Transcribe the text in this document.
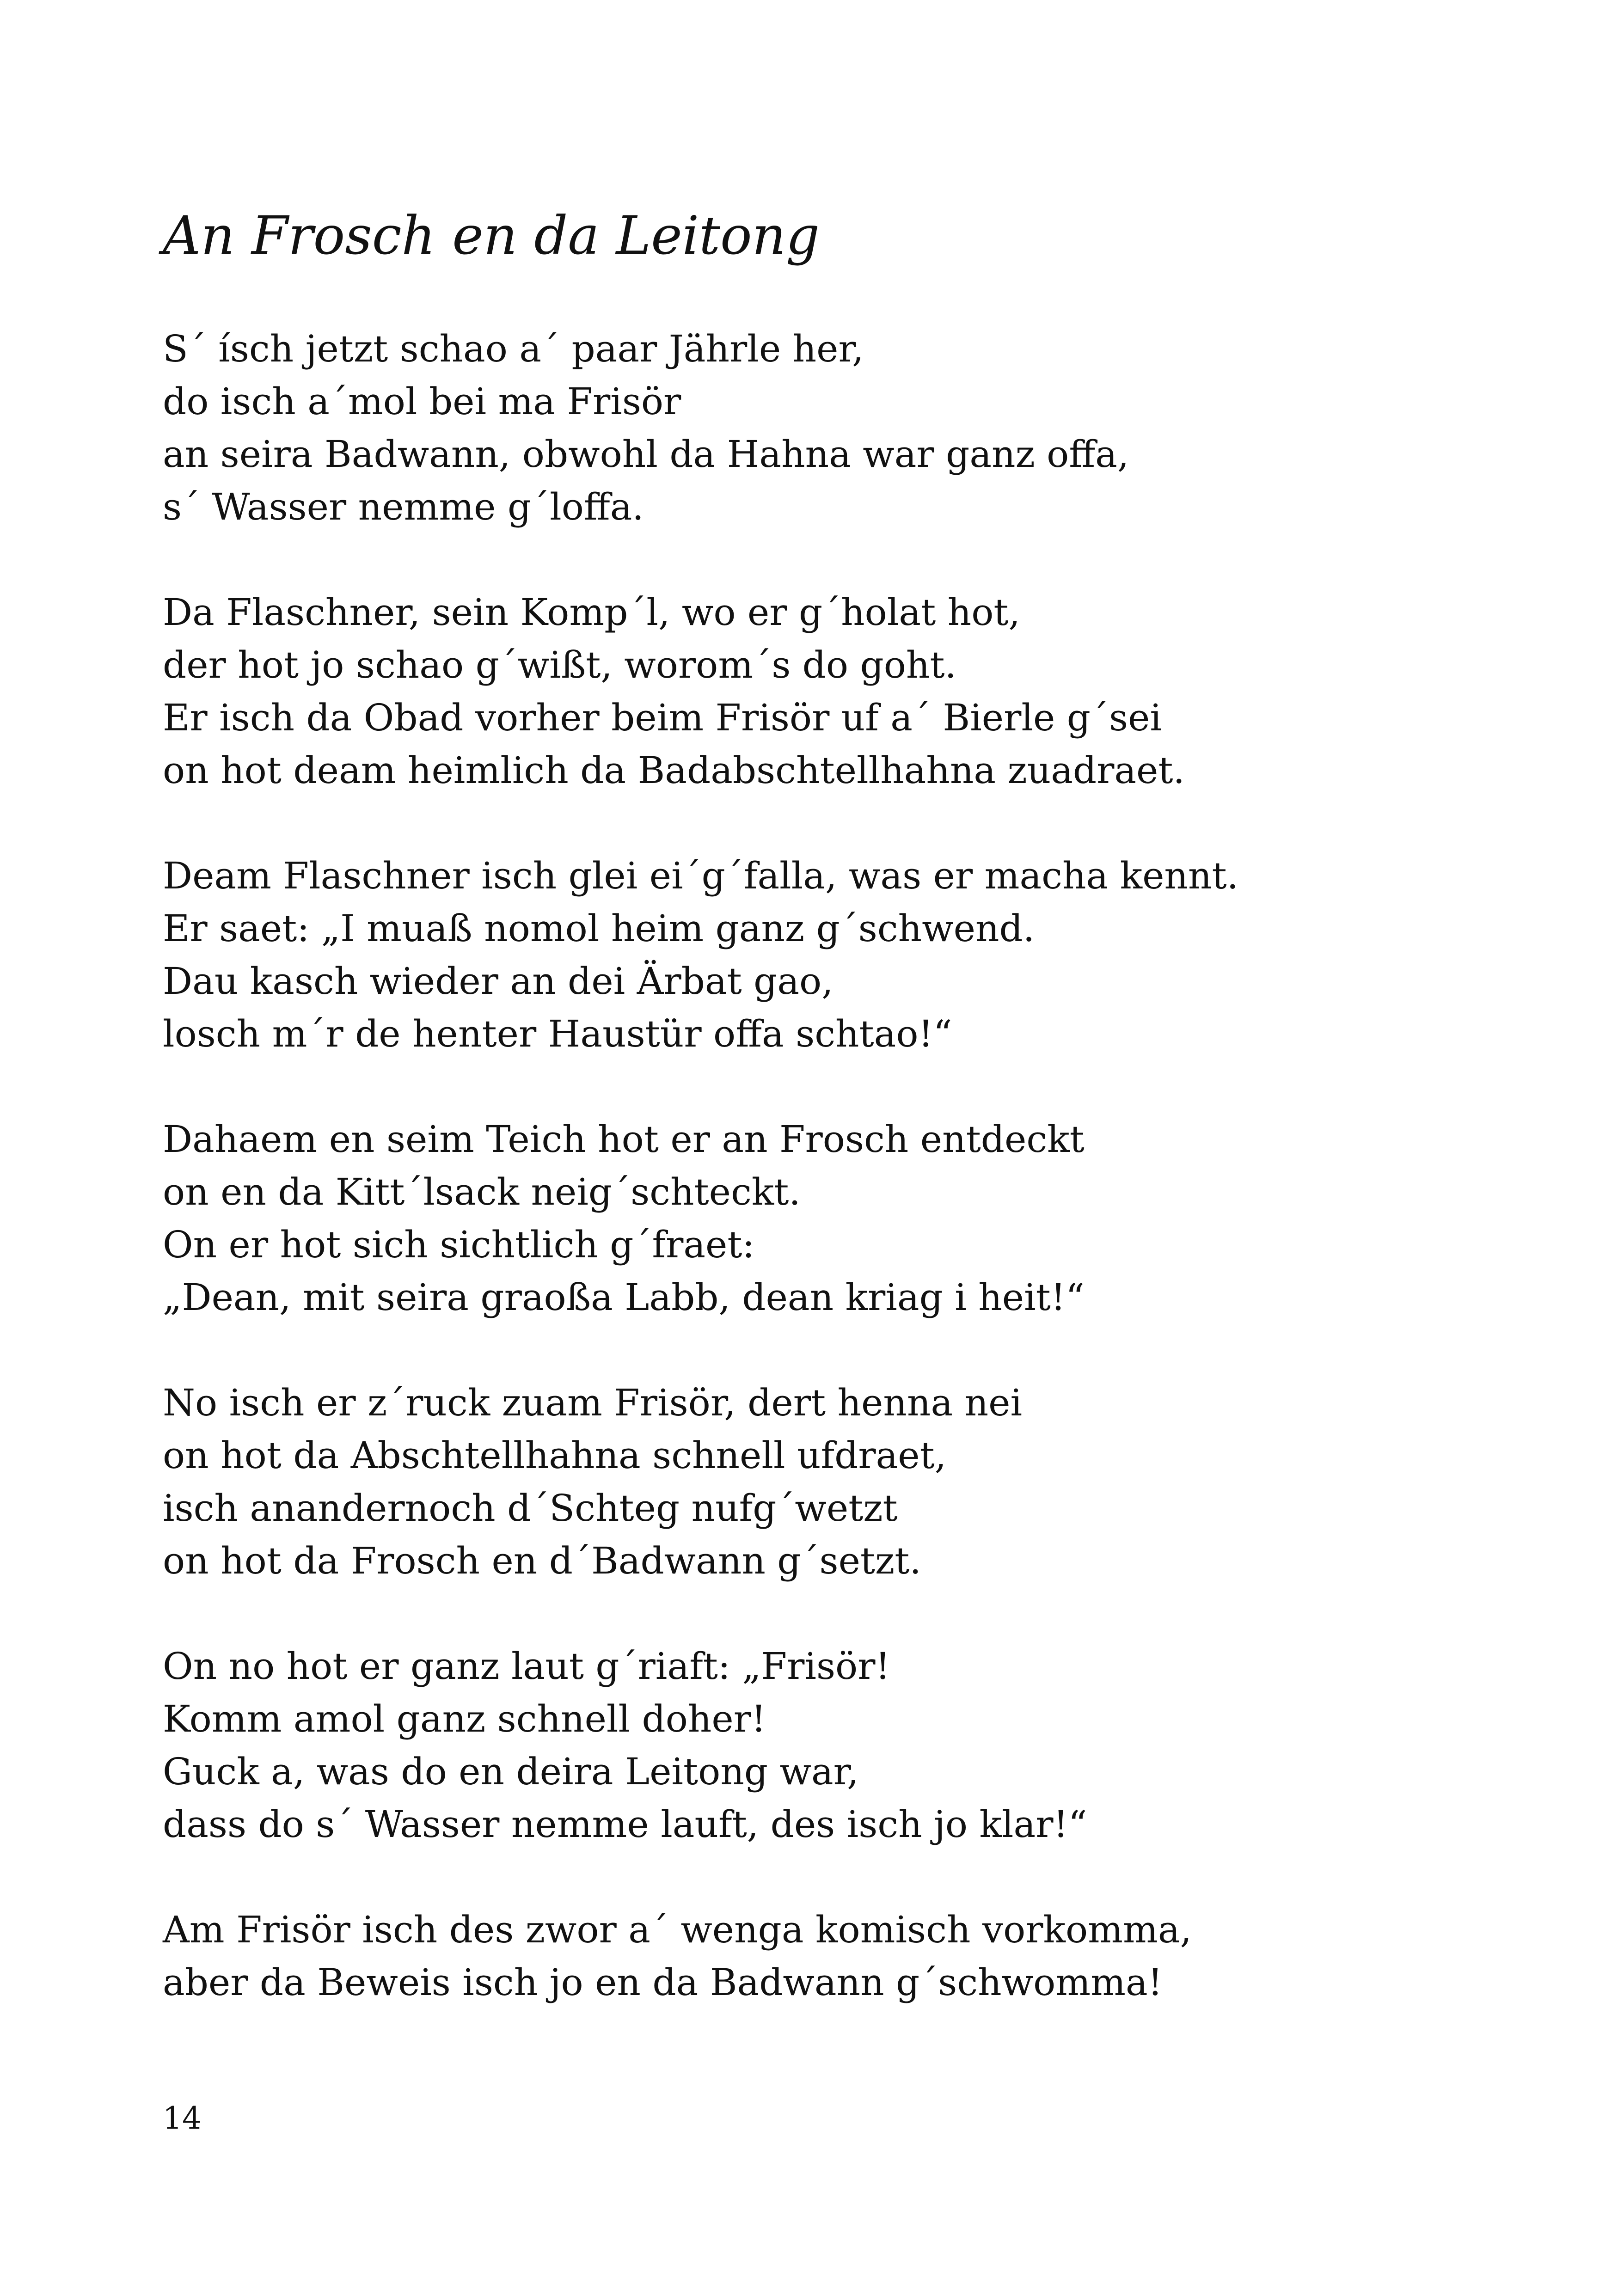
An Frosch en da Leitong

S´ ísch jetzt schao a´ paar Jährle her,
do isch a´mol bei ma Frisör
an seira Badwann, obwohl da Hahna war ganz offa,
s´ Wasser nemme g´loffa.

Da Flaschner, sein Komp´l, wo er g´holat hot,
der hot jo schao g´wißt, worom´s do goht.
Er isch da Obad vorher beim Frisör uf a´ Bierle g´sei
on hot deam heimlich da Badabschtellhahna zuadraet.

Deam Flaschner isch glei ei´g´falla, was er macha kennt.
Er saet: „I muaß nomol heim ganz g´schwend.
Dau kasch wieder an dei Ärbat gao,
losch m´r de henter Haustür offa schtao!“

Dahaem en seim Teich hot er an Frosch entdeckt
on en da Kitt´lsack neig´schteckt.
On er hot sich sichtlich g´fraet:
„Dean, mit seira graoßa Labb, dean kriag i heit!“

No isch er z´ruck zuam Frisör, dert henna nei
on hot da Abschtellhahna schnell ufdraet,
isch anandernoch d´Schteg nufg´wetzt
on hot da Frosch en d´Badwann g´setzt.

On no hot er ganz laut g´riaft: „Frisör!
Komm amol ganz schnell doher!
Guck a, was do en deira Leitong war,
dass do s´ Wasser nemme lauft, des isch jo klar!“

Am Frisör isch des zwor a´ wenga komisch vorkomma,
aber da Beweis isch jo en da Badwann g´schwomma!

14
